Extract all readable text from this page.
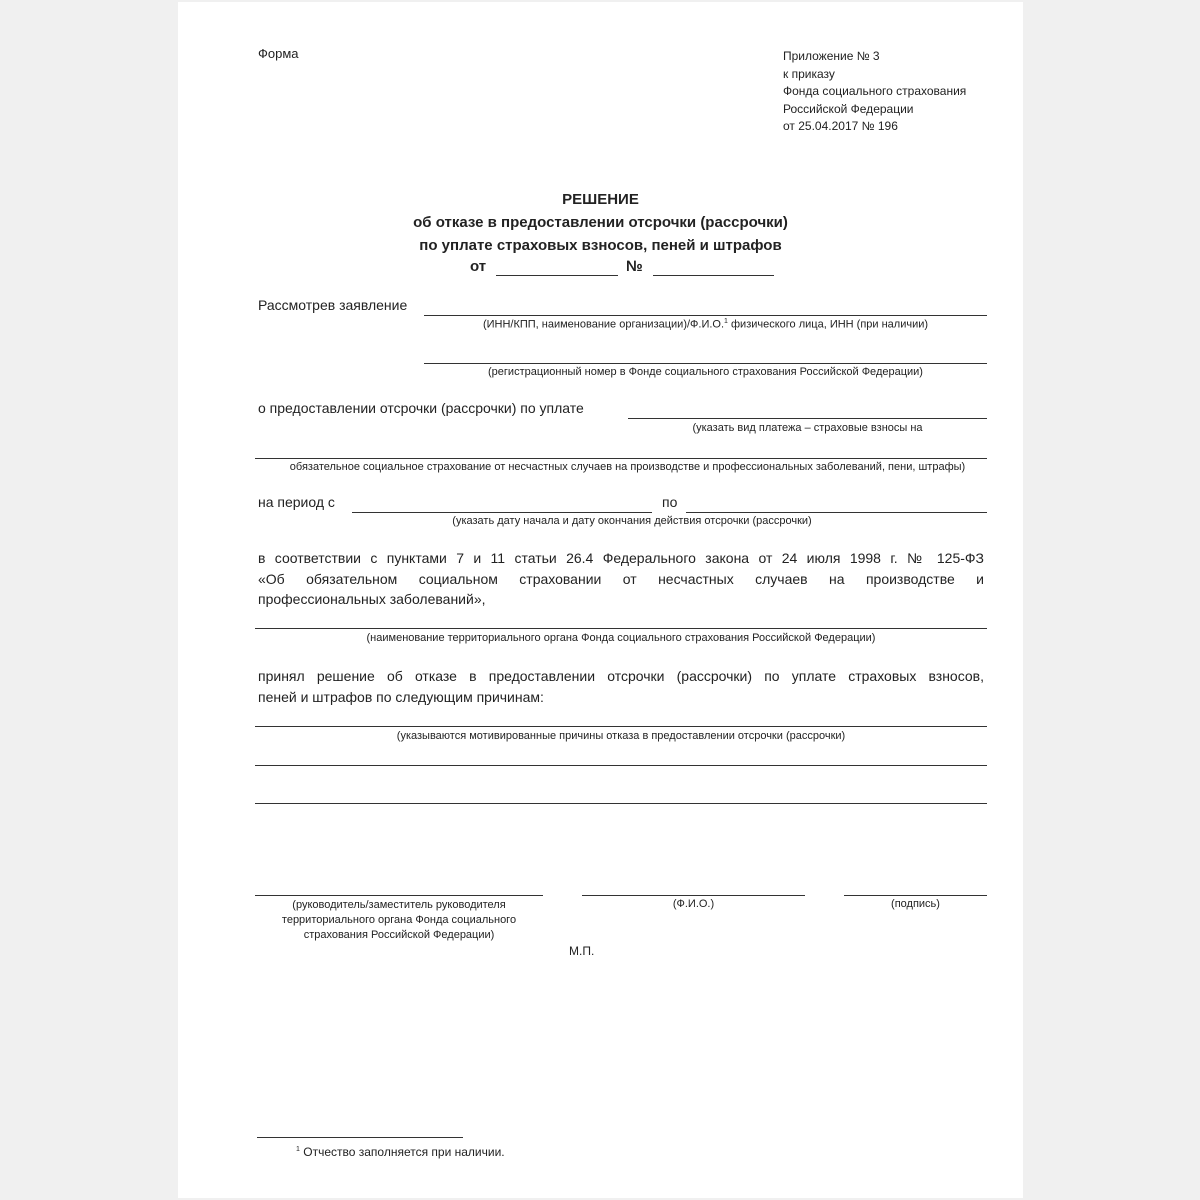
Форма	Приложение № 3
к приказу
Фонда социального страхования
Российской Федерации
от 25.04.2017 № 196
РЕШЕНИЕ
об отказе в предоставлении отсрочки (рассрочки)
по уплате страховых взносов, пеней и штрафов
от	№
Рассмотрев заявление
(ИНН/КПП, наименование организации)/Ф.И.О.$^1$ физического лица, ИНН (при наличии)
(регистрационный номер в Фонде социального страхования Российской Федерации)
о предоставлении отсрочки (рассрочки) по уплате
(указать вид платежа – страховые взносы на
обязательное социальное страхование от несчастных случаев на производстве и профессиональных заболеваний, пени, штрафы)
на период с	по
(указать дату начала и дату окончания действия отсрочки (рассрочки)
в соответствии с пунктами 7 и 11 статьи 26.4 Федерального закона от 24 июля 1998 г. № 125-ФЗ
«Об обязательном социальном страховании от несчастных случаев на производстве и
профессиональных заболеваний»,
(наименование территориального органа Фонда социального страхования Российской Федерации)
принял решение об отказе в предоставлении отсрочки (рассрочки) по уплате страховых взносов,
пеней и штрафов по следующим причинам:
(указываются мотивированные причины отказа в предоставлении отсрочки (рассрочки)
(руководитель/заместитель руководителя
территориального органа Фонда социального
страхования Российской Федерации)
(Ф.И.О.)	(подпись)
М.П.
$^1$ Отчество заполняется при наличии.
